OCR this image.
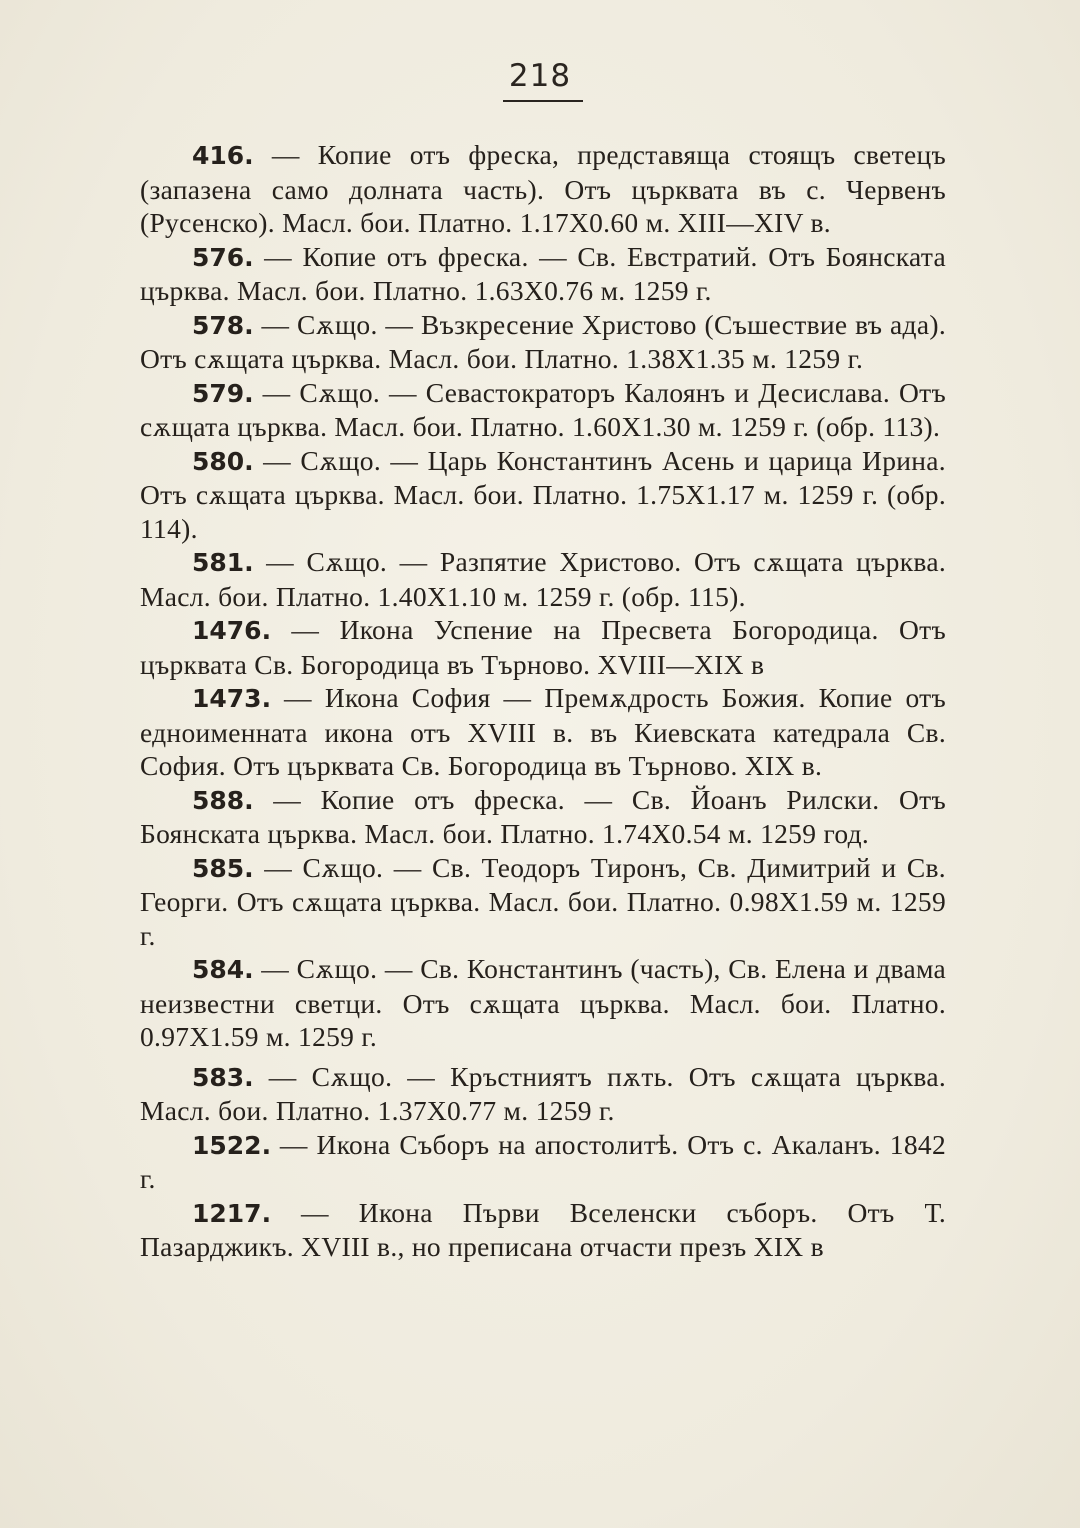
218

416. — Копие отъ фреска, представяща стоящъ светецъ (запазена само долната часть). Отъ църквата въ с. Червенъ (Русенско). Масл. бои. Платно. 1.17X0.60 м. XIII—XIV в.

576. — Копие отъ фреска. — Св. Евстратий. Отъ Боянската църква. Масл. бои. Платно. 1.63X0.76 м. 1259 г.

578. — Сѫщо. — Възкресение Христово (Съшествие въ ада). Отъ сѫщата църква. Масл. бои. Платно. 1.38X1.35 м. 1259 г.

579. — Сѫщо. — Севастократоръ Калоянъ и Десислава. Отъ сѫщата църква. Масл. бои. Платно. 1.60X1.30 м. 1259 г. (обр. 113).

580. — Сѫщо. — Царь Константинъ Асень и царица Ирина. Отъ сѫщата църква. Масл. бои. Платно. 1.75X1.17 м. 1259 г. (обр. 114).

581. — Сѫщо. — Разпятие Христово. Отъ сѫщата църква. Масл. бои. Платно. 1.40X1.10 м. 1259 г. (обр. 115).

1476. — Икона Успение на Пресвета Богородица. Отъ църквата Св. Богородица въ Търново. XVIII—XIX в

1473. — Икона София — Премѫдрость Божия. Копие отъ едноименната икона отъ XVIII в. въ Киевската катедрала Св. София. Отъ църквата Св. Богородица въ Търново. XIX в.

588. — Копие отъ фреска. — Св. Йоанъ Рилски. Отъ Боянската църква. Масл. бои. Платно. 1.74X0.54 м. 1259 год.

585. — Сѫщо. — Св. Теодоръ Тиронъ, Св. Димитрий и Св. Георги. Отъ сѫщата църква. Масл. бои. Платно. 0.98X1.59 м. 1259 г.

584. — Сѫщо. — Св. Константинъ (часть), Св. Елена и двама неизвестни светци. Отъ сѫщата църква. Масл. бои. Платно. 0.97X1.59 м. 1259 г.

583. — Сѫщо. — Кръстниятъ пѫть. Отъ сѫщата църква. Масл. бои. Платно. 1.37X0.77 м. 1259 г.

1522. — Икона Съборъ на апостолитѣ. Отъ с. Акаланъ. 1842 г.

1217. — Икона Първи Вселенски съборъ. Отъ Т. Пазарджикъ. XVIII в., но преписана отчасти презъ XIX в
